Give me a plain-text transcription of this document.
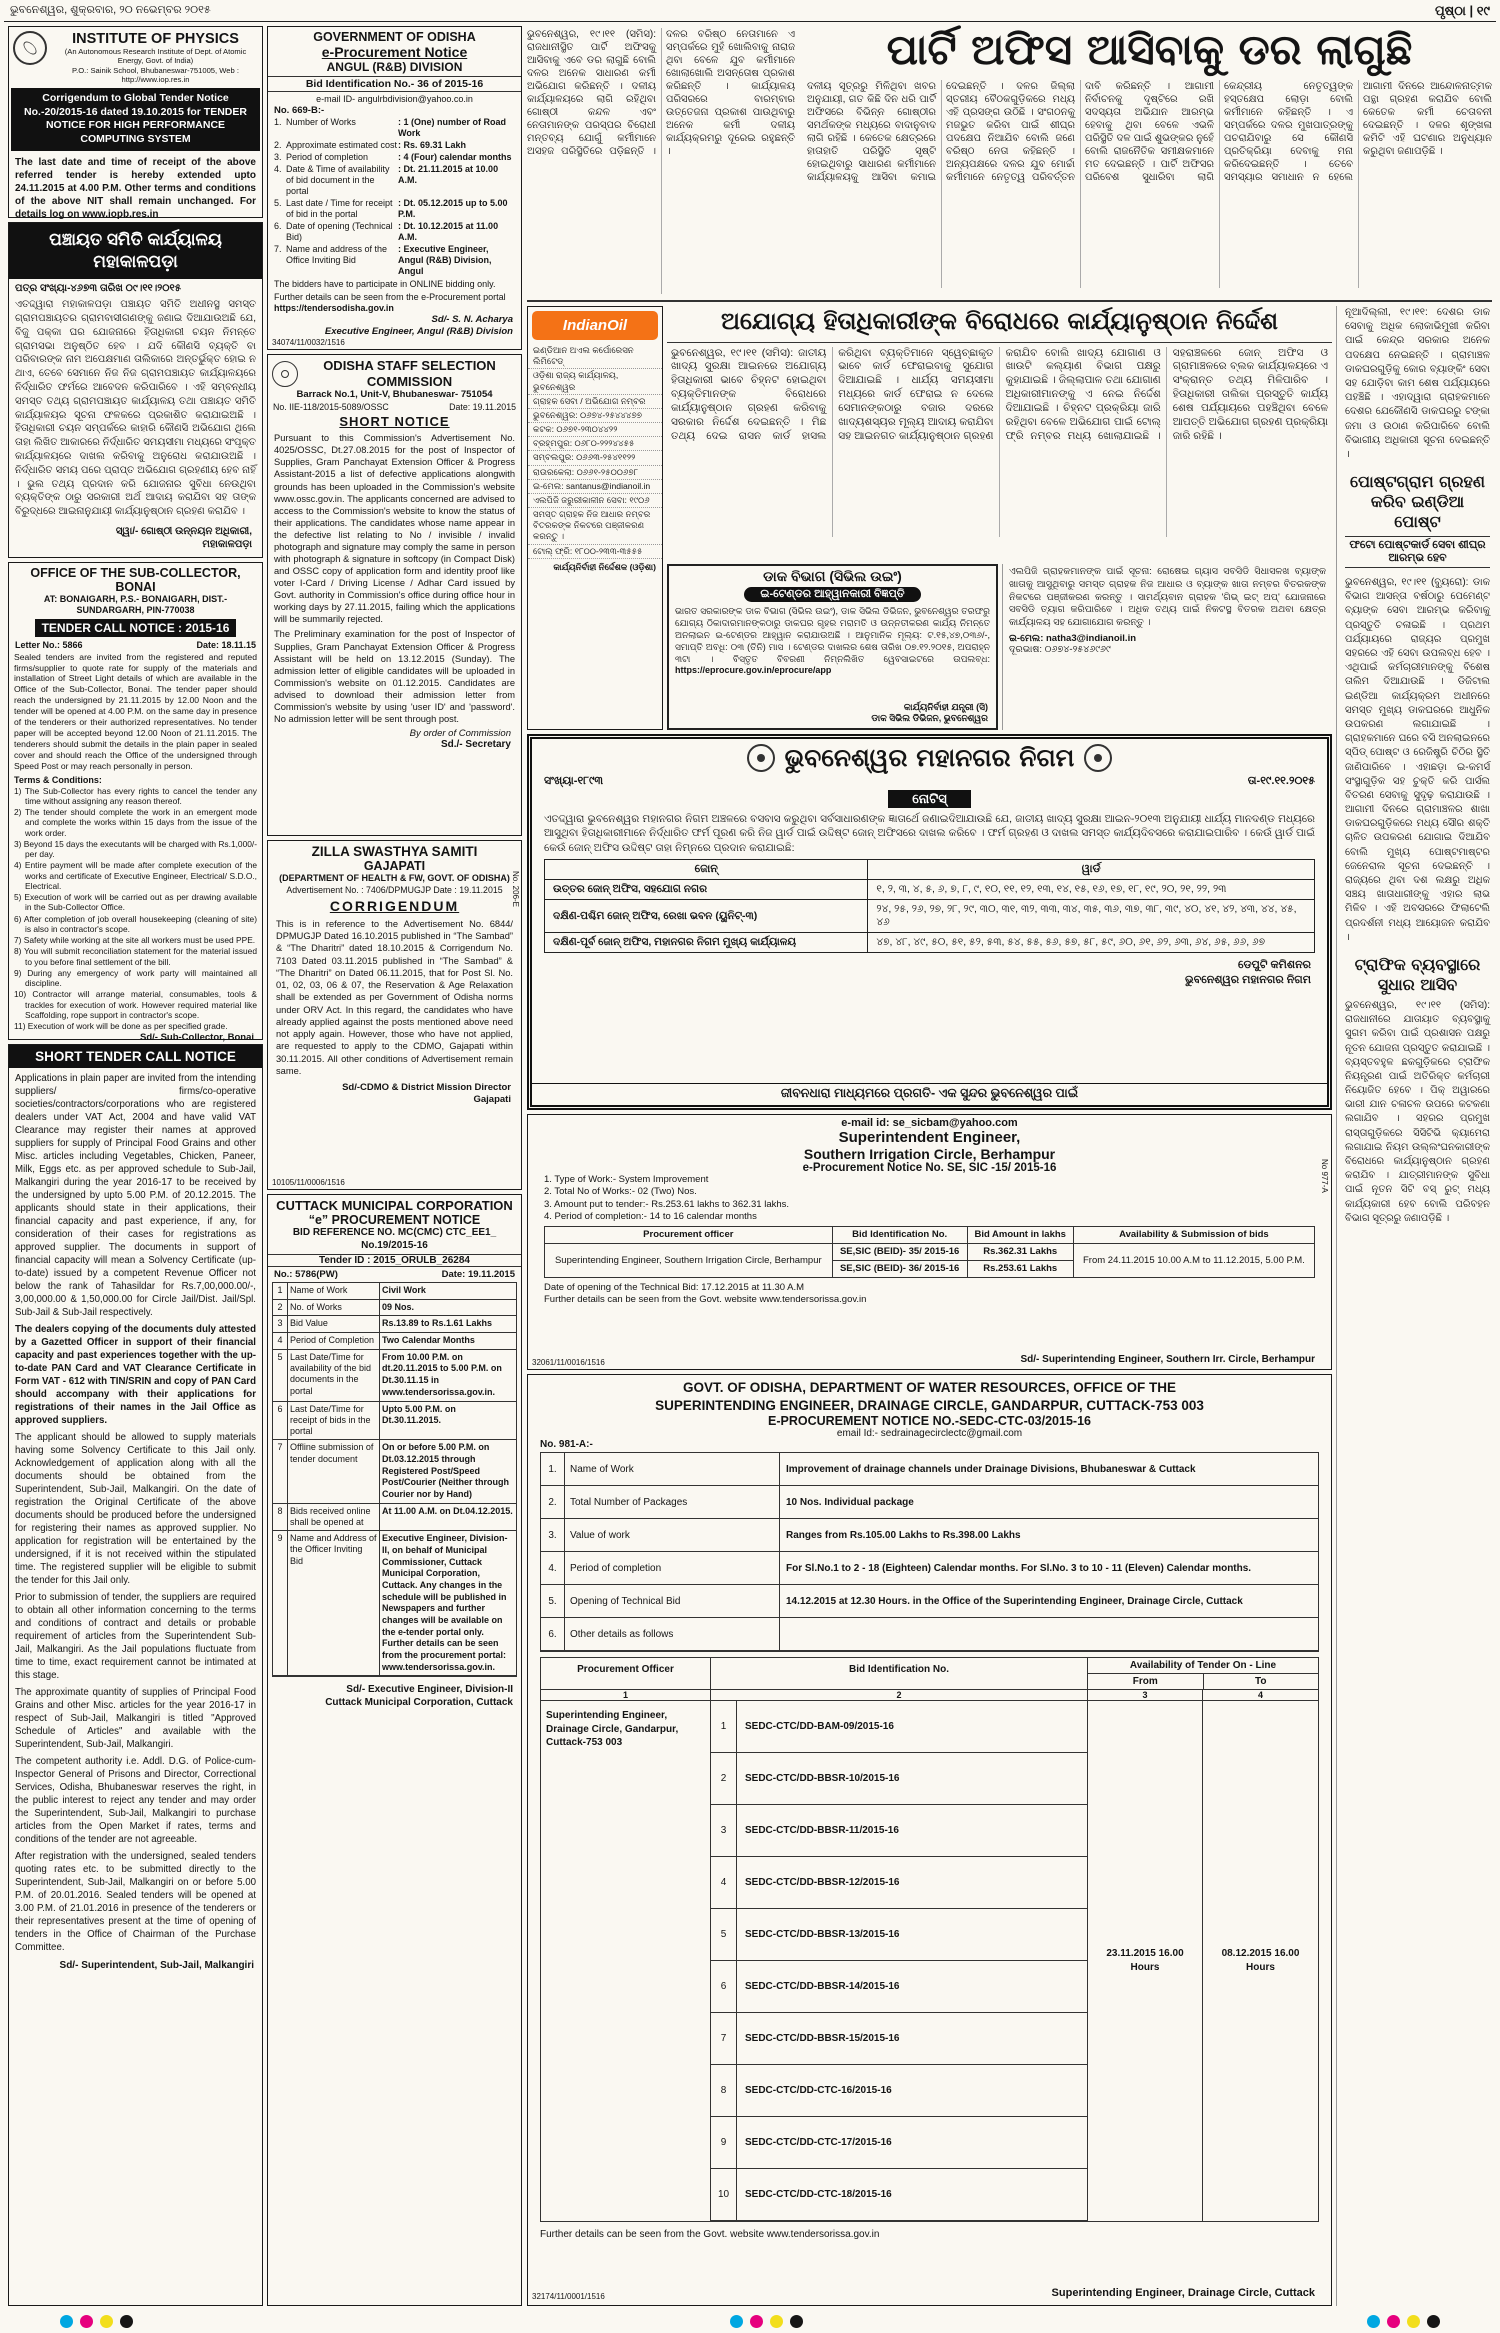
ଭୁବନେଶ୍ୱର, ଶୁକ୍ରବାର, ୨୦ ନଭେମ୍ବର ୨୦୧୫	ପୃଷ୍ଠା | ୧୯
INSTITUTE OF PHYSICS
(An Autonomous Research Institute of Dept. of Atomic Energy, Govt. of India)
P.O.: Sainik School, Bhubaneswar-751005, Web : http://www.iop.res.in
Corrigendum to Global Tender Notice No.-20/2015-16 dated 19.10.2015 for TENDER NOTICE FOR HIGH PERFORMANCE COMPUTING SYSTEM
The last date and time of receipt of the above referred tender is hereby extended upto 24.11.2015 at 4.00 P.M. Other terms and conditions of the above NIT shall remain unchanged. For details log on www.iopb.res.in
ପଞ୍ଚାୟତ ସମିତି କାର୍ଯ୍ୟାଳୟ
ମହାକାଳପଡ଼ା
ପତ୍ର ସଂଖ୍ୟା-୪୬୭୩ ତାରିଖ ୦୯।୧୧।୨୦୧୫
ଏତଦ୍ଦ୍ୱାରା ମହାକାଳପଡ଼ା ପଞ୍ଚାୟତ ସମିତି ଅଧୀନସ୍ଥ ସମସ୍ତ ଗ୍ରାମପଞ୍ଚାୟତର ଗ୍ରାମବାସୀଗଣଙ୍କୁ ଜଣାଇ ଦିଆଯାଉଅଛି ଯେ, ବିଜୁ ପକ୍କା ଘର ଯୋଜନାରେ ହିତାଧିକାରୀ ଚୟନ ନିମନ୍ତେ ଗ୍ରାମସଭା ଅନୁଷ୍ଠିତ ହେବ । ଯଦି କୌଣସି ବ୍ୟକ୍ତି ବା ପରିବାରଙ୍କ ନାମ ଅପେକ୍ଷମାଣ ତାଲିକାରେ ଅନ୍ତର୍ଭୁକ୍ତ ହୋଇ ନ ଥାଏ, ତେବେ ସେମାନେ ନିଜ ନିଜ ଗ୍ରାମପଞ୍ଚାୟତ କାର୍ଯ୍ୟାଳୟରେ ନିର୍ଦ୍ଧାରିତ ଫର୍ମରେ ଆବେଦନ କରିପାରିବେ । ଏହି ସମ୍ବନ୍ଧୀୟ ସମସ୍ତ ତଥ୍ୟ ଗ୍ରାମପଞ୍ଚାୟତ କାର୍ଯ୍ୟାଳୟ ତଥା ପଞ୍ଚାୟତ ସମିତି କାର୍ଯ୍ୟାଳୟର ସୂଚନା ଫଳକରେ ପ୍ରକାଶିତ କରାଯାଇଅଛି । ହିତାଧିକାରୀ ଚୟନ ସମ୍ପର୍କରେ କାହାରି କୌଣସି ଅଭିଯୋଗ ଥିଲେ ତାହା ଲିଖିତ ଆକାରରେ ନିର୍ଦ୍ଧାରିତ ସମୟସୀମା ମଧ୍ୟରେ ସଂପୃକ୍ତ କାର୍ଯ୍ୟାଳୟରେ ଦାଖଲ କରିବାକୁ ଅନୁରୋଧ କରାଯାଉଅଛି । ନିର୍ଦ୍ଧାରିତ ସମୟ ପରେ ପ୍ରାପ୍ତ ଅଭିଯୋଗ ଗ୍ରହଣୀୟ ହେବ ନାହିଁ । ଭୁଲ ତଥ୍ୟ ପ୍ରଦାନ କରି ଯୋଜନାର ସୁବିଧା ନେଉଥିବା ବ୍ୟକ୍ତିଙ୍କ ଠାରୁ ସରକାରୀ ଅର୍ଥ ଆଦାୟ କରାଯିବା ସହ ତାଙ୍କ ବିରୁଦ୍ଧରେ ଆଇନାନୁଯାୟୀ କାର୍ଯ୍ୟାନୁଷ୍ଠାନ ଗ୍ରହଣ କରାଯିବ ।
ସ୍ୱା/- ଗୋଷ୍ଠୀ ଉନ୍ନୟନ ଅଧିକାରୀ,
ମହାକାଳପଡ଼ା
OFFICE OF THE SUB-COLLECTOR, BONAI
AT: BONAIGARH, P.S.- BONAIGARH, DIST.- SUNDARGARH, PIN-770038
TENDER CALL NOTICE : 2015-16
Letter No.: 5866	Date: 18.11.15
Sealed tenders are invited from the registered and reputed firms/supplier to quote rate for supply of the materials and installation of Street Light details of which are available in the Office of the Sub-Collector, Bonai. The tender paper should reach the undersigned by 21.11.2015 by 12.00 Noon and the tender will be opened at 4.00 P.M. on the same day in presence of the tenderers or their authorized representatives. No tender paper will be accepted beyond 12.00 Noon of 21.11.2015. The tenderers should submit the details in the plain paper in sealed cover and should reach the Office of the undersigned through Speed Post or may reach personally in person.
Terms & Conditions:
1) The Sub-Collector has every rights to cancel the tender any time without assigning any reason thereof.
2) The tender should complete the work in an emergent mode and complete the works within 15 days from the issue of the work order.
3) Beyond 15 days the executants will be charged with Rs.1,000/- per day.
4) Entire payment will be made after complete execution of the works and certificate of Executive Engineer, Electrical/ S.D.O., Electrical.
5) Execution of work will be carried out as per drawing available in the Sub-Collector Office.
6) After completion of job overall housekeeping (cleaning of site) is also in contractor's scope.
7) Safety while working at the site all workers must be used PPE.
8) You will submit reconciliation statement for the material issued to you before final settlement of the bill.
9) During any emergency of work party will maintained all discipline.
10) Contractor will arrange material, consumables, tools & trackles for execution of work. However required material like Scaffolding, rope support in contractor's scope.
11) Execution of work will be done as per specified grade.
Sd/- Sub-Collector, Bonai
SHORT TENDER CALL NOTICE
Applications in plain paper are invited from the intending suppliers/ firms/co-operative societies/contractors/corporations who are registered dealers under VAT Act, 2004 and have valid VAT Clearance may register their names at approved suppliers for supply of Principal Food Grains and other Misc. articles including Vegetables, Chicken, Paneer, Milk, Eggs etc. as per approved schedule to Sub-Jail, Malkangiri during the year 2016-17 to be received by the undersigned by upto 5.00 P.M. of 20.12.2015. The applicants should state in their applications, their financial capacity and past experience, if any, for consideration of their cases for registrations as approved supplier. The documents in support of financial capacity will mean a Solvency Certificate (up-to-date) issued by a competent Revenue Officer not below the rank of Tahasildar for Rs.7,00,000.00/-, 3,00,000.00 & 1,50,000.00 for Circle Jail/Dist. Jail/Spl. Sub-Jail & Sub-Jail respectively.
The dealers copying of the documents duly attested by a Gazetted Officer in support of their financial capacity and past experiences together with the up-to-date PAN Card and VAT Clearance Certificate in Form VAT - 612 with TIN/SRIN and copy of PAN Card should accompany with their applications for registrations of their names in the Jail Office as approved suppliers.
The applicant should be allowed to supply materials having some Solvency Certificate to this Jail only. Acknowledgement of application along with all the documents should be obtained from the Superintendent, Sub-Jail, Malkangiri. On the date of registration the Original Certificate of the above documents should be produced before the undersigned for registering their names as approved supplier. No application for registration will be entertained by the undersigned, if it is not received within the stipulated time. The registered supplier will be eligible to submit the tender for this Jail only.
Prior to submission of tender, the suppliers are required to obtain all other information concerning to the terms and conditions of contract and details or probable requirement of articles from the Superintendent Sub-Jail, Malkangiri. As the Jail populations fluctuate from time to time, exact requirement cannot be intimated at this stage.
The approximate quantity of supplies of Principal Food Grains and other Misc. articles for the year 2016-17 in respect of Sub-Jail, Malkangiri is titled "Approved Schedule of Articles" and available with the Superintendent, Sub-Jail, Malkangiri.
The competent authority i.e. Addl. D.G. of Police-cum-Inspector General of Prisons and Director, Correctional Services, Odisha, Bhubaneswar reserves the right, in the public interest to reject any tender and may order the Superintendent, Sub-Jail, Malkangiri to purchase articles from the Open Market if rates, terms and conditions of the tender are not agreeable.
After registration with the undersigned, sealed tenders quoting rates etc. to be submitted directly to the Superintendent, Sub-Jail, Malkangiri on or before 5.00 P.M. of 20.01.2016. Sealed tenders will be opened at 3.00 P.M. of 21.01.2016 in presence of the tenderers or their representatives present at the time of opening of tenders in the Office of Chairman of the Purchase Committee.
Sd/- Superintendent, Sub-Jail, Malkangiri
GOVERNMENT OF ODISHA
e-Procurement Notice
ANGUL (R&B) DIVISION
Bid Identification No.- 36 of 2015-16
e-mail ID- angulrbdivision@yahoo.co.in
No. 669-B:-
1. Number of Works	: 1 (One) number of Road Work
2. Approximate estimated cost : Rs. 69.31 Lakh
3. Period of completion	: 4 (Four) calendar months
4. Date & Time of availability of bid document in the portal
: Dt. 21.11.2015 at 10.00 A.M.
5. Last date / Time for receipt of bid in the portal
: Dt. 05.12.2015 up to 5.00 P.M.
6. Date of opening (Technical Bid)
: Dt. 10.12.2015 at 11.00 A.M.
7. Name and address of the Office Inviting Bid
: Executive Engineer, Angul (R&B) Division, Angul
The bidders have to participate in ONLINE bidding only.
Further details can be seen from the e-Procurement portal https://tendersodisha.gov.in
Sd/- S. N. Acharya
Executive Engineer, Angul (R&B) Division
34074/11/0032/1516
ODISHA STAFF SELECTION COMMISSION
Barrack No.1, Unit-V, Bhubaneswar- 751054
No. IIE-118/2015-5089/OSSC	Date: 19.11.2015
SHORT NOTICE
Pursuant to this Commission's Advertisement No. 4025/OSSC, Dt.27.08.2015 for the post of Inspector of Supplies, Gram Panchayat Extension Officer & Progress Assistant-2015 a list of defective applications alongwith grounds has been uploaded in the Commission's website www.ossc.gov.in. The applicants concerned are advised to access to the Commission's website to know the status of their applications. The candidates whose name appear in the defective list relating to No / invisible / invalid photograph and signature may comply the same in person with photograph & signature in softcopy (in Compact Disk) and OSSC copy of application form and identity proof like voter I-Card / Driving License / Adhar Card issued by Govt. authority in Commission's office during office hour in working days by 27.11.2015, failing which the applications will be summarily rejected.
The Preliminary examination for the post of Inspector of Supplies, Gram Panchayat Extension Officer & Progress Assistant will be held on 13.12.2015 (Sunday). The admission letter of eligible candidates will be uploaded in Commission's website on 01.12.2015. Candidates are advised to download their admission letter from Commission's website by using 'user ID' and 'password'. No admission letter will be sent through post.
By order of Commission
Sd./- Secretary
ZILLA SWASTHYA SAMITI
GAJAPATI
(DEPARTMENT OF HEALTH & FW, GOVT. OF ODISHA)
Advertisement No. : 7406/DPMUGJP Date : 19.11.2015
CORRIGENDUM
This is in reference to the Advertisement No. 6844/ DPMUGJP Dated 16.10.2015 published in “The Sambad” & “The Dharitri” dated 18.10.2015 & Corrigendum No. 7103 Dated 03.11.2015 published in “The Sambad” & “The Dharitri” on Dated 06.11.2015, that for Post Sl. No. 01, 02, 03, 06 & 07, the Reservation & Age Relaxation shall be extended as per Government of Odisha norms under ORV Act. In this regard, the candidates who have already applied against the posts mentioned above need not apply again. However, those who have not applied, are requested to apply to the CDMO, Gajapati within 30.11.2015. All other conditions of Advertisement remain same.
Sd/-CDMO & District Mission Director
Gajapati
10105/11/0006/1516
No. 206-E
CUTTACK MUNICIPAL CORPORATION
“e” PROCUREMENT NOTICE
BID REFERENCE NO. MC(CMC) CTC_EE1_
No.19/2015-16
Tender ID : 2015_ORULB_26284
No.: 5786(PW)	Date: 19.11.2015
1 Name of Work	Civil Work
2 No. of Works	09 Nos.
3 Bid Value	Rs.13.89 to Rs.1.61 Lakhs
4 Period of Completion Two Calendar Months
5 Last Date/Time for availability of the bid documents in the portal
From 10.00 P.M. on dt.20.11.2015 to 5.00 P.M. on Dt.30.11.15 in www.tendersorissa.gov.in.
6 Last Date/Time for receipt of bids in the portal
Upto 5.00 P.M. on Dt.30.11.2015.
7 Offline submission of tender document
On or before 5.00 P.M. on Dt.03.12.2015 through Registered Post/Speed Post/Courier (Neither through Courier nor by Hand)
8 Bids received online shall be opened at
At 11.00 A.M. on Dt.04.12.2015.
9 Name and Address of the Officer Inviting Bid
Executive Engineer, Division-II, on behalf of Municipal Commissioner, Cuttack Municipal Corporation, Cuttack. Any changes in the schedule will be published in Newspapers and further changes will be available on the e-tender portal only. Further details can be seen from the procurement portal: www.tendersorissa.gov.in.
Sd/- Executive Engineer, Division-II
Cuttack Municipal Corporation, Cuttack
ଭୁବନେଶ୍ୱର, ୧୯।୧୧ (ସମିସ): ରାଜଧାନୀସ୍ଥିତ ପାର୍ଟି ଅଫିସକୁ ଆସିବାକୁ ଏବେ ଡର ଲାଗୁଛି ବୋଲି ଦଳର ଅନେକ ସାଧାରଣ କର୍ମୀ ଅଭିଯୋଗ କରିଛନ୍ତି । ଦଳୀୟ କାର୍ଯ୍ୟାଳୟରେ ଲାଗି ରହିଥିବା ଗୋଷ୍ଠୀ କନ୍ଦଳ ଏବଂ ନେତାମାନଙ୍କ ପରସ୍ପର ବିରୋଧୀ ମନ୍ତବ୍ୟ ଯୋଗୁଁ କର୍ମୀମାନେ ଅସହଜ ପରିସ୍ଥିତିରେ ପଡ଼ିଛନ୍ତି । ଦଳର ବରିଷ୍ଠ ନେତାମାନେ ଏ ସମ୍ପର୍କରେ ମୁହଁ ଖୋଲିବାକୁ ନାରାଜ ଥିବା ବେଳେ ଯୁବ କର୍ମୀମାନେ ଖୋଲାଖୋଲି ଅସନ୍ତୋଷ ପ୍ରକାଶ କରିଛନ୍ତି । କାର୍ଯ୍ୟାଳୟ ପରିସରରେ ବାରମ୍ବାର ଉତ୍ତେଜନା ପ୍ରକାଶ ପାଉଥିବାରୁ ଅନେକ କର୍ମୀ ଦଳୀୟ କାର୍ଯ୍ୟକ୍ରମରୁ ଦୂରେଇ ରହୁଛନ୍ତି ।
ପାର୍ଟି ଅଫିସ ଆସିବାକୁ ଡର ଲାଗୁଛି
ଦଳୀୟ ସୂତ୍ରରୁ ମିଳିଥିବା ଖବର ଅନୁଯାୟୀ, ଗତ କିଛି ଦିନ ଧରି ପାର୍ଟି ଅଫିସରେ ବିଭିନ୍ନ ଗୋଷ୍ଠୀର ସମର୍ଥକଙ୍କ ମଧ୍ୟରେ ବାଦାନୁବାଦ ଲାଗି ରହିଛି । କେତେକ କ୍ଷେତ୍ରରେ ହାତାହାତି ପରିସ୍ଥିତି ସୃଷ୍ଟି ହୋଇଥିବାରୁ ସାଧାରଣ କର୍ମୀମାନେ କାର୍ଯ୍ୟାଳୟକୁ ଆସିବା କମାଇ ଦେଇଛନ୍ତି । ଦଳର ଜିଲ୍ଲା ସ୍ତରୀୟ ବୈଠକଗୁଡ଼ିକରେ ମଧ୍ୟ ଏହି ପ୍ରସଙ୍ଗ ଉଠିଛି । ସଂଗଠନକୁ ମଜଭୁତ କରିବା ପାଇଁ ଶୀଘ୍ର ପଦକ୍ଷେପ ନିଆଯିବ ବୋଲି ଜଣେ ବରିଷ୍ଠ ନେତା କହିଛନ୍ତି । ଅନ୍ୟପକ୍ଷରେ ଦଳର ଯୁବ ମୋର୍ଚ୍ଚା କର୍ମୀମାନେ ନେତୃତ୍ୱ ପରିବର୍ତ୍ତନ ଦାବି କରିଛନ୍ତି । ଆଗାମୀ ନିର୍ବାଚନକୁ ଦୃଷ୍ଟିରେ ରଖି ସଦସ୍ୟତା ଅଭିଯାନ ଆରମ୍ଭ ହେବାକୁ ଥିବା ବେଳେ ଏଭଳି ପରିସ୍ଥିତି ଦଳ ପାଇଁ ଶୁଭଙ୍କର ନୁହେଁ ବୋଲି ରାଜନୈତିକ ସମୀକ୍ଷକମାନେ ମତ ଦେଇଛନ୍ତି । ପାର୍ଟି ଅଫିସର ପରିବେଶ ସୁଧାରିବା ଲାଗି କେନ୍ଦ୍ରୀୟ ନେତୃତ୍ୱଙ୍କ ହସ୍ତକ୍ଷେପ ଲୋଡ଼ା ବୋଲି କର୍ମୀମାନେ କହିଛନ୍ତି । ଏ ସମ୍ପର୍କରେ ଦଳର ମୁଖପାତ୍ରଙ୍କୁ ପଚରାଯିବାରୁ ସେ କୌଣସି ପ୍ରତିକ୍ରିୟା ଦେବାକୁ ମନା କରିଦେଇଛନ୍ତି । ତେବେ ସମସ୍ୟାର ସମାଧାନ ନ ହେଲେ ଆଗାମୀ ଦିନରେ ଆନ୍ଦୋଳନାତ୍ମକ ପନ୍ଥା ଗ୍ରହଣ କରାଯିବ ବୋଲି କେତେକ କର୍ମୀ ଚେତାବନୀ ଦେଇଛନ୍ତି । ଦଳର ଶୃଙ୍ଖଳା କମିଟି ଏହି ଘଟଣାର ଅନୁଧ୍ୟାନ କରୁଥିବା ଜଣାପଡ଼ିଛି ।
IndianOil
ଇଣ୍ଡିଆନ ଅଏଲ କର୍ପୋରେସନ ଲିମିଟେଡ୍
ଓଡ଼ିଶା ରାଜ୍ୟ କାର୍ଯ୍ୟାଳୟ, ଭୁବନେଶ୍ୱର
ଗ୍ରାହକ ସେବା / ଅଭିଯୋଗ ନମ୍ବର
ଭୁବନେଶ୍ୱର: ୦୬୭୪-୨୫୪୪୪୭୭
କଟକ: ୦୬୭୧-୨୩୦୪୪୨୨
ବ୍ରହ୍ମପୁର: ୦୬୮୦-୨୨୨୪୪୫୫
ସମ୍ବଲପୁର: ୦୬୬୩-୨୫୪୧୧୨୨
ରାଉରକେଲା: ୦୬୬୧-୨୫୦୦୬୭୮
ଇ-ମେଲ: santanus@indianoil.in
ଏଲପିଜି ଜରୁରୀକାଳୀନ ସେବା: ୧୯୦୬
ସମସ୍ତ ଗ୍ରାହକ ନିଜ ଆଧାର ନମ୍ବର ବିତରକଙ୍କ ନିକଟରେ ପଞ୍ଜୀକରଣ କରନ୍ତୁ ।
ଟୋଲ୍ ଫ୍ରି: ୧୮୦୦-୨୩୩-୩୫୫୫
କାର୍ଯ୍ୟନିର୍ବାହୀ ନିର୍ଦ୍ଦେଶକ (ଓଡ଼ିଶା)
ଅଯୋଗ୍ୟ ହିତାଧିକାରୀଙ୍କ ବିରୋଧରେ କାର୍ଯ୍ୟାନୁଷ୍ଠାନ ନିର୍ଦ୍ଦେଶ
ଭୁବନେଶ୍ୱର, ୧୯।୧୧ (ସମିସ): ଜାତୀୟ ଖାଦ୍ୟ ସୁରକ୍ଷା ଆଇନରେ ଅଯୋଗ୍ୟ ହିତାଧିକାରୀ ଭାବେ ଚିହ୍ନଟ ହୋଇଥିବା ବ୍ୟକ୍ତିମାନଙ୍କ ବିରୋଧରେ କାର୍ଯ୍ୟାନୁଷ୍ଠାନ ଗ୍ରହଣ କରିବାକୁ ସରକାର ନିର୍ଦ୍ଦେଶ ଦେଇଛନ୍ତି । ମିଛ ତଥ୍ୟ ଦେଇ ରାସନ କାର୍ଡ ହାସଲ କରିଥିବା ବ୍ୟକ୍ତିମାନେ ସ୍ୱେଚ୍ଛାକୃତ ଭାବେ କାର୍ଡ ଫେରାଇବାକୁ ସୁଯୋଗ ଦିଆଯାଇଛି । ଧାର୍ଯ୍ୟ ସମୟସୀମା ମଧ୍ୟରେ କାର୍ଡ ଫେରାଇ ନ ଦେଲେ ସେମାନଙ୍କଠାରୁ ବଜାର ଦରରେ ଖାଦ୍ୟଶସ୍ୟର ମୂଲ୍ୟ ଆଦାୟ କରାଯିବା ସହ ଆଇନଗତ କାର୍ଯ୍ୟାନୁଷ୍ଠାନ ଗ୍ରହଣ କରାଯିବ ବୋଲି ଖାଦ୍ୟ ଯୋଗାଣ ଓ ଖାଉଟି କଲ୍ୟାଣ ବିଭାଗ ପକ୍ଷରୁ କୁହାଯାଇଛି । ଜିଲ୍ଲାପାଳ ତଥା ଯୋଗାଣ ଅଧିକାରୀମାନଙ୍କୁ ଏ ନେଇ ନିର୍ଦ୍ଦେଶ ଦିଆଯାଇଛି । ଚିହ୍ନଟ ପ୍ରକ୍ରିୟା ଜାରି ରହିଥିବା ବେଳେ ଅଭିଯୋଗ ପାଇଁ ଟୋଲ୍ ଫ୍ରି ନମ୍ବର ମଧ୍ୟ ଖୋଲାଯାଇଛି । ସହରାଞ୍ଚଳରେ ଜୋନ୍ ଅଫିସ ଓ ଗ୍ରାମାଞ୍ଚଳରେ ବ୍ଲକ କାର୍ଯ୍ୟାଳୟରେ ଏ ସଂକ୍ରାନ୍ତ ତଥ୍ୟ ମିଳିପାରିବ । ହିତାଧିକାରୀ ତାଲିକା ପ୍ରସ୍ତୁତି କାର୍ଯ୍ୟ ଶେଷ ପର୍ଯ୍ୟାୟରେ ପହଞ୍ଚିଥିବା ବେଳେ ଆପତ୍ତି ଅଭିଯୋଗ ଗ୍ରହଣ ପ୍ରକ୍ରିୟା ଜାରି ରହିଛି ।
ଡାକ ବିଭାଗ (ସିଭିଲ ଉଇଂ)
ଇ-ଟେଣ୍ଡର ଆହ୍ୱାନକାରୀ ବିଜ୍ଞପ୍ତି
ଭାରତ ସରକାରଙ୍କ ଡାକ ବିଭାଗ (ସିଭିଲ ଉଇଂ), ଡାକ ସିଭିଲ ଡିଭିଜନ, ଭୁବନେଶ୍ୱର ତରଫରୁ ଯୋଗ୍ୟ ଠିକାଦାରମାନଙ୍କଠାରୁ ଡାକଘର ଗୃହର ମରାମତି ଓ ଉନ୍ନତୀକରଣ କାର୍ଯ୍ୟ ନିମନ୍ତେ ଅନଲାଇନ ଇ-ଟେଣ୍ଡର ଆହ୍ୱାନ କରାଯାଉଅଛି । ଆନୁମାନିକ ମୂଲ୍ୟ: ଟ.୧୫,୪୭,୦୩୬/-, ସମାପ୍ତି ଅବଧି: ୦୩ (ତିନି) ମାସ । ଟେଣ୍ଡର ଦାଖଲର ଶେଷ ତାରିଖ ୦୭.୧୨.୨୦୧୫, ଅପରାହ୍ନ ୩ଟା । ବିସ୍ତୃତ ବିବରଣୀ ନିମ୍ନଲିଖିତ ୱେବସାଇଟରେ ଉପଲବ୍ଧ: https://eprocure.gov.in/eprocure/app
କାର୍ଯ୍ୟନିର୍ବାହୀ ଯନ୍ତ୍ରୀ (ସି)
ଡାକ ସିଭିଲ ଡିଭିଜନ, ଭୁବନେଶ୍ୱର
ଏଲପିଜି ଗ୍ରାହକମାନଙ୍କ ପାଇଁ ସୂଚନା: ରୋଷେଇ ଗ୍ୟାସ ସବସିଡି ସିଧାସଳଖ ବ୍ୟାଙ୍କ ଖାତାକୁ ଆସୁଥିବାରୁ ସମସ୍ତ ଗ୍ରାହକ ନିଜ ଆଧାର ଓ ବ୍ୟାଙ୍କ ଖାତା ନମ୍ବର ବିତରକଙ୍କ ନିକଟରେ ପଞ୍ଜୀକରଣ କରନ୍ତୁ । ସାମର୍ଥ୍ୟବାନ ଗ୍ରାହକ 'ଗିଭ୍ ଇଟ୍ ଅପ୍' ଯୋଜନାରେ ସବସିଡି ତ୍ୟାଗ କରିପାରିବେ । ଅଧିକ ତଥ୍ୟ ପାଇଁ ନିକଟସ୍ଥ ବିତରକ ଅଥବା କ୍ଷେତ୍ର କାର୍ଯ୍ୟାଳୟ ସହ ଯୋଗାଯୋଗ କରନ୍ତୁ ।
ଇ-ମେଲ: natha3@indianoil.in
ଦୂରଭାଷ: ୦୬୭୪-୨୫୪୬୯୬୯

ନୂଆଦିଲ୍ଲୀ, ୧୯।୧୧: ଦେଶର ଡାକ ସେବାକୁ ଅଧିକ ଲୋକାଭିମୁଖୀ କରିବା ପାଇଁ କେନ୍ଦ୍ର ସରକାର ଅନେକ ପଦକ୍ଷେପ ନେଇଛନ୍ତି । ଗ୍ରାମାଞ୍ଚଳ ଡାକଘରଗୁଡ଼ିକୁ କୋର ବ୍ୟାଙ୍କିଂ ସେବା ସହ ଯୋଡ଼ିବା କାମ ଶେଷ ପର୍ଯ୍ୟାୟରେ ପହଞ୍ଚିଛି । ଏହାଦ୍ୱାରା ଗ୍ରାହକମାନେ ଦେଶର ଯେକୌଣସି ଡାକଘରରୁ ଟଙ୍କା ଜମା ଓ ଉଠାଣ କରିପାରିବେ ବୋଲି ବିଭାଗୀୟ ଅଧିକାରୀ ସୂଚନା ଦେଇଛନ୍ତି ।

ପୋଷ୍ଟଗ୍ରାମ ଗ୍ରହଣ କରିବ ଇଣ୍ଡିଆ ପୋଷ୍ଟ
ଫଟୋ ପୋଷ୍ଟକାର୍ଡ ସେବା ଶୀଘ୍ର ଆରମ୍ଭ ହେବ

ଭୁବନେଶ୍ୱର, ୧୯।୧୧ (ବ୍ୟୁରୋ): ଡାକ ବିଭାଗ ଆସନ୍ତା ବର୍ଷଠାରୁ ପେମେଣ୍ଟ ବ୍ୟାଙ୍କ ସେବା ଆରମ୍ଭ କରିବାକୁ ପ୍ରସ୍ତୁତି ଚଳାଇଛି । ପ୍ରଥମ ପର୍ଯ୍ୟାୟରେ ରାଜ୍ୟର ପ୍ରମୁଖ ସହରରେ ଏହି ସେବା ଉପଲବ୍ଧ ହେବ । ଏଥିପାଇଁ କର୍ମଚାରୀମାନଙ୍କୁ ବିଶେଷ ତାଲିମ ଦିଆଯାଉଛି । ଡିଜିଟାଲ ଇଣ୍ଡିଆ କାର୍ଯ୍ୟକ୍ରମ ଅଧୀନରେ ସମସ୍ତ ମୁଖ୍ୟ ଡାକଘରରେ ଆଧୁନିକ ଉପକରଣ ଲଗାଯାଇଛି । ଗ୍ରାହକମାନେ ଘରେ ବସି ଅନଲାଇନରେ ସ୍ପିଡ୍ ପୋଷ୍ଟ ଓ ରେଜିଷ୍ଟ୍ରି ଚିଠିର ସ୍ଥିତି ଜାଣିପାରିବେ । ଏହାଛଡ଼ା ଇ-କମର୍ସ ସଂସ୍ଥାଗୁଡ଼ିକ ସହ ଚୁକ୍ତି କରି ପାର୍ସଲ ବିତରଣ ସେବାକୁ ସୁଦୃଢ଼ କରାଯାଉଛି । ଆଗାମୀ ଦିନରେ ଗ୍ରାମାଞ୍ଚଳର ଶାଖା ଡାକଘରଗୁଡ଼ିକରେ ମଧ୍ୟ ସୌର ଶକ୍ତି ଚାଳିତ ଉପକରଣ ଯୋଗାଇ ଦିଆଯିବ ବୋଲି ମୁଖ୍ୟ ପୋଷ୍ଟମାଷ୍ଟର ଜେନେରାଲ ସୂଚନା ଦେଇଛନ୍ତି । ରାଜ୍ୟରେ ଥିବା ଦଶ ଲକ୍ଷରୁ ଅଧିକ ସଞ୍ଚୟ ଖାତାଧାରୀଙ୍କୁ ଏହାର ଲାଭ ମିଳିବ । ଏହି ଅବସରରେ ଫିଲାଟେଲି ପ୍ରଦର୍ଶନୀ ମଧ୍ୟ ଆୟୋଜନ କରାଯିବ ।

ଟ୍ରାଫିକ ବ୍ୟବସ୍ଥାରେ ସୁଧାର ଆସିବ

ଭୁବନେଶ୍ୱର, ୧୯।୧୧ (ସମିସ): ରାଜଧାନୀରେ ଯାତାୟାତ ବ୍ୟବସ୍ଥାକୁ ସୁଗମ କରିବା ପାଇଁ ପ୍ରଶାସନ ପକ୍ଷରୁ ନୂତନ ଯୋଜନା ପ୍ରସ୍ତୁତ କରାଯାଇଛି । ବ୍ୟସ୍ତବହୁଳ ଛକଗୁଡ଼ିକରେ ଟ୍ରାଫିକ ନିୟନ୍ତ୍ରଣ ପାଇଁ ଅତିରିକ୍ତ କର୍ମଚାରୀ ନିୟୋଜିତ ହେବେ । ପିକ୍ ଅୱାରରେ ଭାରୀ ଯାନ ଚଳାଚଳ ଉପରେ କଟକଣା ଲଗାଯିବ । ସହରର ପ୍ରମୁଖ ରାସ୍ତାଗୁଡ଼ିକରେ ସିସିଟିଭି କ୍ୟାମେରା ଲଗାଯାଇ ନିୟମ ଉଲ୍ଲଂଘନକାରୀଙ୍କ ବିରୋଧରେ କାର୍ଯ୍ୟାନୁଷ୍ଠାନ ଗ୍ରହଣ କରାଯିବ । ଯାତ୍ରୀମାନଙ୍କ ସୁବିଧା ପାଇଁ ନୂତନ ସିଟି ବସ୍ ରୁଟ୍ ମଧ୍ୟ କାର୍ଯ୍ୟକାରୀ ହେବ ବୋଲି ପରିବହନ ବିଭାଗ ସୂତ୍ରରୁ ଜଣାପଡ଼ିଛି ।

ଭୁବନେଶ୍ୱର ମହାନଗର ନିଗମ
ସଂଖ୍ୟା-୧୮୯୩	ତା-୧୯.୧୧.୨୦୧୫
ନୋଟିସ୍
ଏତଦ୍ଦ୍ୱାରା ଭୁବନେଶ୍ୱର ମହାନଗର ନିଗମ ଅଞ୍ଚଳରେ ବସବାସ କରୁଥିବା ସର୍ବସାଧାରଣଙ୍କ ଜ୍ଞାତାର୍ଥେ ଜଣାଇଦିଆଯାଉଛି ଯେ, ଜାତୀୟ ଖାଦ୍ୟ ସୁରକ୍ଷା ଆଇନ-୨୦୧୩ ଅନୁଯାୟୀ ଧାର୍ଯ୍ୟ ମାନଦଣ୍ଡ ମଧ୍ୟରେ ଆସୁଥିବା ହିତାଧିକାରୀମାନେ ନିର୍ଦ୍ଧାରିତ ଫର୍ମ ପୂରଣ କରି ନିଜ ୱାର୍ଡ ପାଇଁ ଉଦ୍ଦିଷ୍ଟ ଜୋନ୍ ଅଫିସରେ ଦାଖଲ କରିବେ । ଫର୍ମ ଗ୍ରହଣ ଓ ଦାଖଲ ସମସ୍ତ କାର୍ଯ୍ୟଦିବସରେ କରାଯାଇପାରିବ । କେଉଁ ୱାର୍ଡ ପାଇଁ କେଉଁ ଜୋନ୍ ଅଫିସ ଉଦ୍ଦିଷ୍ଟ ତାହା ନିମ୍ନରେ ପ୍ରଦାନ କରାଯାଇଛି:
ଜୋନ୍	ୱାର୍ଡ
ଉତ୍ତର ଜୋନ୍ ଅଫିସ, ସହଯୋଗ ନଗର	୧, ୨, ୩, ୪, ୫, ୬, ୭, ୮, ୯, ୧୦, ୧୧, ୧୨, ୧୩, ୧୪, ୧୫, ୧୬, ୧୭, ୧୮, ୧୯, ୨୦, ୨୧, ୨୨, ୨୩
ଦକ୍ଷିଣ-ପଶ୍ଚିମ ଜୋନ୍ ଅଫିସ, ରେଖା ଭବନ (ୟୁନିଟ୍-୩)	୨୪, ୨୫, ୨୬, ୨୭, ୨୮, ୨୯, ୩୦, ୩୧, ୩୨, ୩୩, ୩୪, ୩୫, ୩୬, ୩୭, ୩୮, ୩୯, ୪୦, ୪୧, ୪୨, ୪୩, ୪୪, ୪୫, ୪୬
ଦକ୍ଷିଣ-ପୂର୍ବ ଜୋନ୍ ଅଫିସ, ମହାନଗର ନିଗମ ମୁଖ୍ୟ କାର୍ଯ୍ୟାଳୟ	୪୭, ୪୮, ୪୯, ୫୦, ୫୧, ୫୨, ୫୩, ୫୪, ୫୫, ୫୬, ୫୭, ୫୮, ୫୯, ୬୦, ୬୧, ୬୨, ୬୩, ୬୪, ୬୫, ୬୬, ୬୭
ଡେପୁଟି କମିଶନର
ଭୁବନେଶ୍ୱର ମହାନଗର ନିଗମ
ଜୀବନଧାରା ମାଧ୍ୟମରେ ପ୍ରଗତି- ଏକ ସୁନ୍ଦର ଭୁବନେଶ୍ୱର ପାଇଁ
e-mail id: se_sicbam@yahoo.com
Superintendent Engineer,
Southern Irrigation Circle, Berhampur
e-Procurement Notice No. SE, SIC -15/ 2015-16
1. Type of Work:- System Improvement
2. Total No of Works:- 02 (Two) Nos.
3. Amount put to tender:- Rs.253.61 lakhs to 362.31 lakhs.
4. Period of completion:- 14 to 16 calendar months
Procurement officer	Bid Identification No.	Bid Amount in lakhs	Availability & Submission of bids
Superintending Engineer, Southern Irrigation Circle, Berhampur	SE,SIC (BEID)- 35/ 2015-16	Rs.362.31 Lakhs	From 24.11.2015 10.00 A.M to 11.12.2015, 5.00 P.M.
	SE,SIC (BEID)- 36/ 2015-16	Rs.253.61 Lakhs	
Date of opening of the Technical Bid: 17.12.2015 at 11.30 A.M
Further details can be seen from the Govt. website www.tendersorissa.gov.in
Sd/- Superintending Engineer, Southern Irr. Circle, Berhampur
32061/11/0016/1516
No 977-A
GOVT. OF ODISHA, DEPARTMENT OF WATER RESOURCES, OFFICE OF THE
SUPERINTENDING ENGINEER, DRAINAGE CIRCLE, GANDARPUR, CUTTACK-753 003
E-PROCUREMENT NOTICE NO.-SEDC-CTC-03/2015-16
email Id:- sedrainagecirclectc@gmail.com
No. 981-A:-
1.	Name of Work	Improvement of drainage channels under Drainage Divisions, Bhubaneswar & Cuttack
2.	Total Number of Packages	10 Nos. Individual package
3.	Value of work	Ranges from Rs.105.00 Lakhs to Rs.398.00 Lakhs
4.	Period of completion	For Sl.No.1 to 2 - 18 (Eighteen) Calendar months. For Sl.No. 3 to 10 - 11 (Eleven) Calendar months.
5.	Opening of Technical Bid	14.12.2015 at 12.30 Hours. in the Office of the Superintending Engineer, Drainage Circle, Cuttack
6.	Other details as follows
Procurement Officer	Bid Identification No.	Availability of Tender On - Line
From	To
1	2	3	4
Superintending Engineer, Drainage Circle, Gandarpur, Cuttack-753 003
1	SEDC-CTC/DD-BAM-09/2015-16
2	SEDC-CTC/DD-BBSR-10/2015-16
3	SEDC-CTC/DD-BBSR-11/2015-16
4	SEDC-CTC/DD-BBSR-12/2015-16
5	SEDC-CTC/DD-BBSR-13/2015-16
6	SEDC-CTC/DD-BBSR-14/2015-16
7	SEDC-CTC/DD-BBSR-15/2015-16
8	SEDC-CTC/DD-CTC-16/2015-16
9	SEDC-CTC/DD-CTC-17/2015-16
10	SEDC-CTC/DD-CTC-18/2015-16
23.11.2015 16.00 Hours
08.12.2015 16.00 Hours
Further details can be seen from the Govt. website www.tendersorissa.gov.in
Superintending Engineer, Drainage Circle, Cuttack
32174/11/0001/1516
